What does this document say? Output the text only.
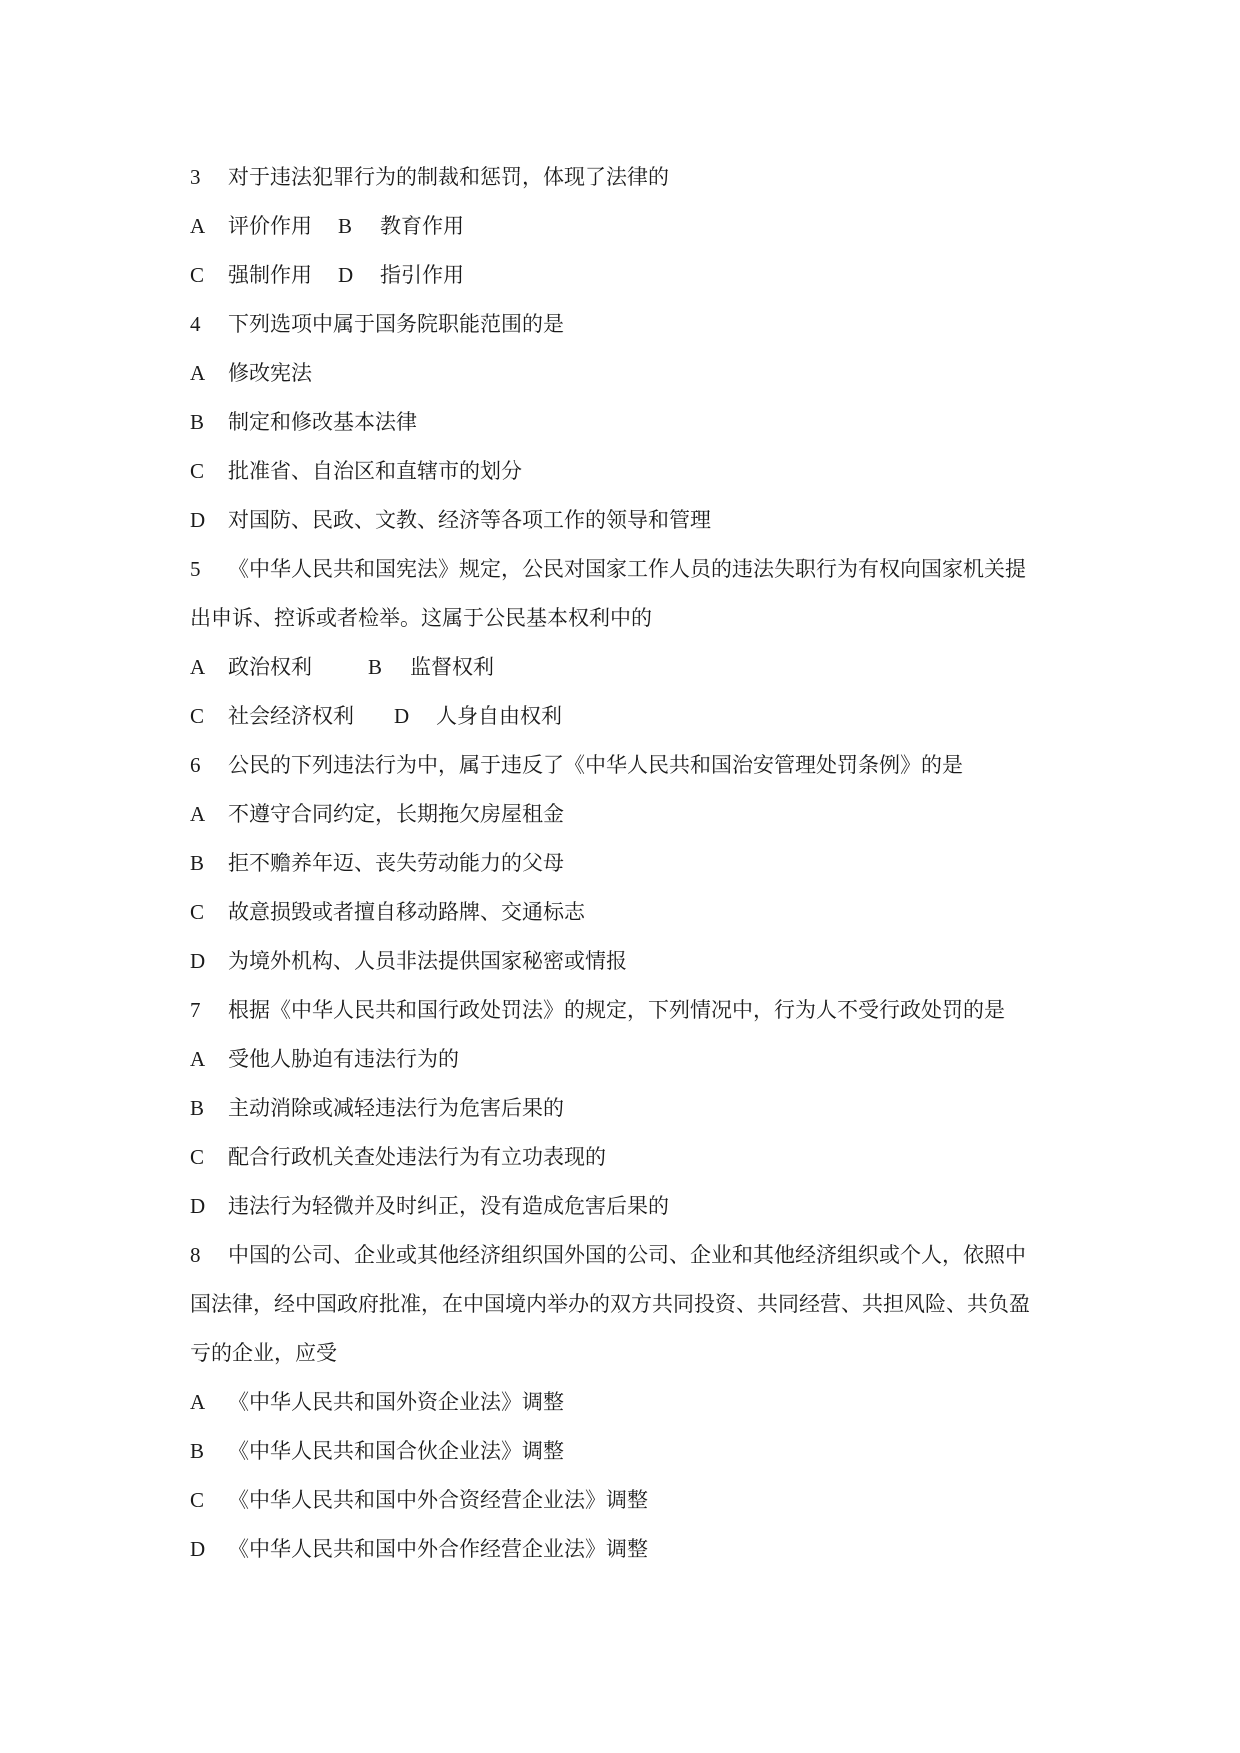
3 对于违法犯罪行为的制裁和惩罚，体现了法律的
A 评价作用 B 教育作用
C 强制作用 D 指引作用
4 下列选项中属于国务院职能范围的是
A 修改宪法
B 制定和修改基本法律
C 批准省、自治区和直辖市的划分
D 对国防、民政、文教、经济等各项工作的领导和管理
5 《中华人民共和国宪法》规定，公民对国家工作人员的违法失职行为有权向国家机关提
出申诉、控诉或者检举。这属于公民基本权利中的
A 政治权利	B 监督权利
C 社会经济权利 D 人身自由权利
6 公民的下列违法行为中，属于违反了《中华人民共和国治安管理处罚条例》的是
A 不遵守合同约定，长期拖欠房屋租金
B 拒不赡养年迈、丧失劳动能力的父母
C 故意损毁或者擅自移动路牌、交通标志
D 为境外机构、人员非法提供国家秘密或情报
7 根据《中华人民共和国行政处罚法》的规定，下列情况中，行为人不受行政处罚的是
A 受他人胁迫有违法行为的
B 主动消除或减轻违法行为危害后果的
C 配合行政机关查处违法行为有立功表现的
D 违法行为轻微并及时纠正，没有造成危害后果的
8 中国的公司、企业或其他经济组织国外国的公司、企业和其他经济组织或个人，依照中
国法律，经中国政府批准，在中国境内举办的双方共同投资、共同经营、共担风险、共负盈
亏的企业，应受
A 《中华人民共和国外资企业法》调整
B 《中华人民共和国合伙企业法》调整
C 《中华人民共和国中外合资经营企业法》调整
D 《中华人民共和国中外合作经营企业法》调整
